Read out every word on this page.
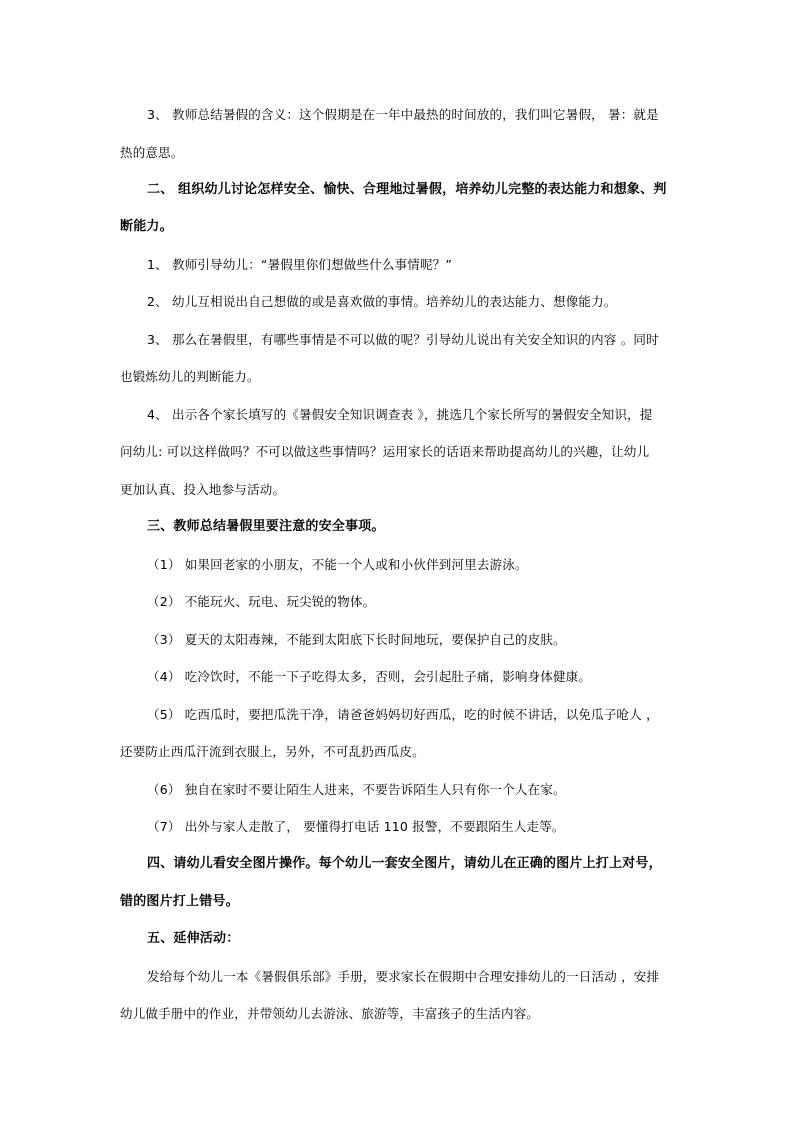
3、 教师总结暑假的含义：这个假期是在一年中最热的时间放的，我们叫它暑假， 暑：就是
热的意思。
二、 组织幼儿讨论怎样安全、愉快、合理地过暑假，培养幼儿完整的表达能力和想象、判
断能力。
1、 教师引导幼儿：“暑假里你们想做些什么事情呢？”
2、 幼儿互相说出自己想做的或是喜欢做的事情。培养幼儿的表达能力、想像能力。
3、 那么在暑假里，有哪些事情是不可以做的呢？引导幼儿说出有关安全知识的内容 。同时
也锻炼幼儿的判断能力。
4、 出示各个家长填写的《暑假安全知识调查表 》，挑选几个家长所写的暑假安全知识，提
问幼儿: 可以这样做吗？不可以做这些事情吗？运用家长的话语来帮助提高幼儿的兴趣，让幼儿
更加认真、投入地参与活动。
三、教师总结暑假里要注意的安全事项。
（1） 如果回老家的小朋友，不能一个人或和小伙伴到河里去游泳。
（2） 不能玩火、玩电、玩尖锐的物体。
（3） 夏天的太阳毒辣，不能到太阳底下长时间地玩，要保护自己的皮肤。
（4） 吃冷饮时，不能一下子吃得太多，否则，会引起肚子痛，影响身体健康。
（5） 吃西瓜时，要把瓜洗干净，请爸爸妈妈切好西瓜，吃的时候不讲话，以免瓜子呛人 ，
还要防止西瓜汗流到衣服上，另外，不可乱扔西瓜皮。
（6） 独自在家时不要让陌生人进来，不要告诉陌生人只有你一个人在家。
（7） 出外与家人走散了， 要懂得打电话 110 报警，不要跟陌生人走等。
四、请幼儿看安全图片操作。每个幼儿一套安全图片，请幼儿在正确的图片上打上对号，
错的图片打上错号。
五、延伸活动：
发给每个幼儿一本《暑假俱乐部》手册，要求家长在假期中合理安排幼儿的一日活动 ，安排
幼儿做手册中的作业，并带领幼儿去游泳、旅游等，丰富孩子的生活内容。
